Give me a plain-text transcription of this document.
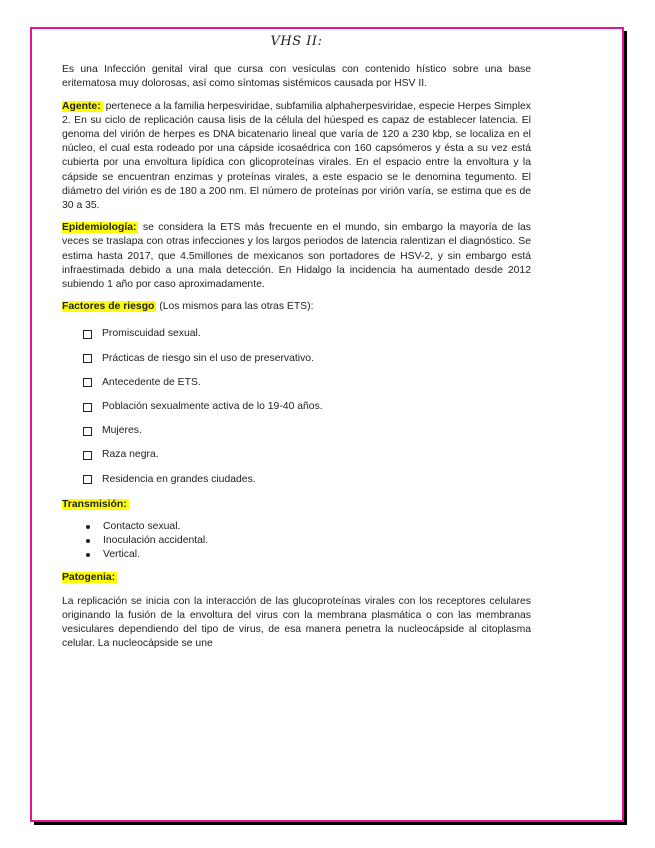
VHS II:

Es una Infección genital viral que cursa con vesículas con contenido hístico sobre una base eritematosa muy dolorosas, así como síntomas sistémicos causada por HSV II.

Agente: pertenece a la familia herpesviridae, subfamilia alphaherpesviridae, especie Herpes Simplex 2. En su ciclo de replicación causa lisis de la célula del húesped es capaz de establecer latencia. El genoma del virión de herpes es DNA bicatenario lineal que varía de 120 a 230 kbp, se localiza en el núcleo, el cual esta rodeado por una cápside icosaédrica con 160 capsómeros y ésta a su vez está cubierta por una envoltura lipídica con glicoproteínas virales. En el espacio entre la envoltura y la cápside se encuentran enzimas y proteínas virales, a este espacio se le denomina tegumento. El diámetro del virión es de 180 a 200 nm. El número de proteínas por virión varía, se estima que es de 30 a 35.

Epidemiología: se considera la ETS más frecuente en el mundo, sin embargo la mayoría de las veces se traslapa con otras infecciones y los largos periodos de latencia ralentizan el diagnóstico. Se estima hasta 2017, que 4.5millones de mexicanos son portadores de HSV-2, y sin embargo está infraestimada debido a una mala detección. En Hidalgo la incidencia ha aumentado desde 2012 subiendo 1 año por caso aproximadamente.

Factores de riesgo (Los mismos para las otras ETS):
Promiscuidad sexual.
Prácticas de riesgo sin el uso de preservativo.
Antecedente de ETS.
Población sexualmente activa de lo 19-40 años.
Mujeres.
Raza negra.
Residencia en grandes ciudades.
Transmisión:
Contacto sexual.
Inoculación accidental.
Vertical.
Patogenia:

La replicación se inicia con la interacción de las glucoproteínas virales con los receptores celulares originando la fusión de la envoltura del virus con la membrana plasmática o con las membranas vesiculares dependiendo del tipo de virus, de esa manera penetra la nucleocápside al citoplasma celular. La nucleocápside se une
